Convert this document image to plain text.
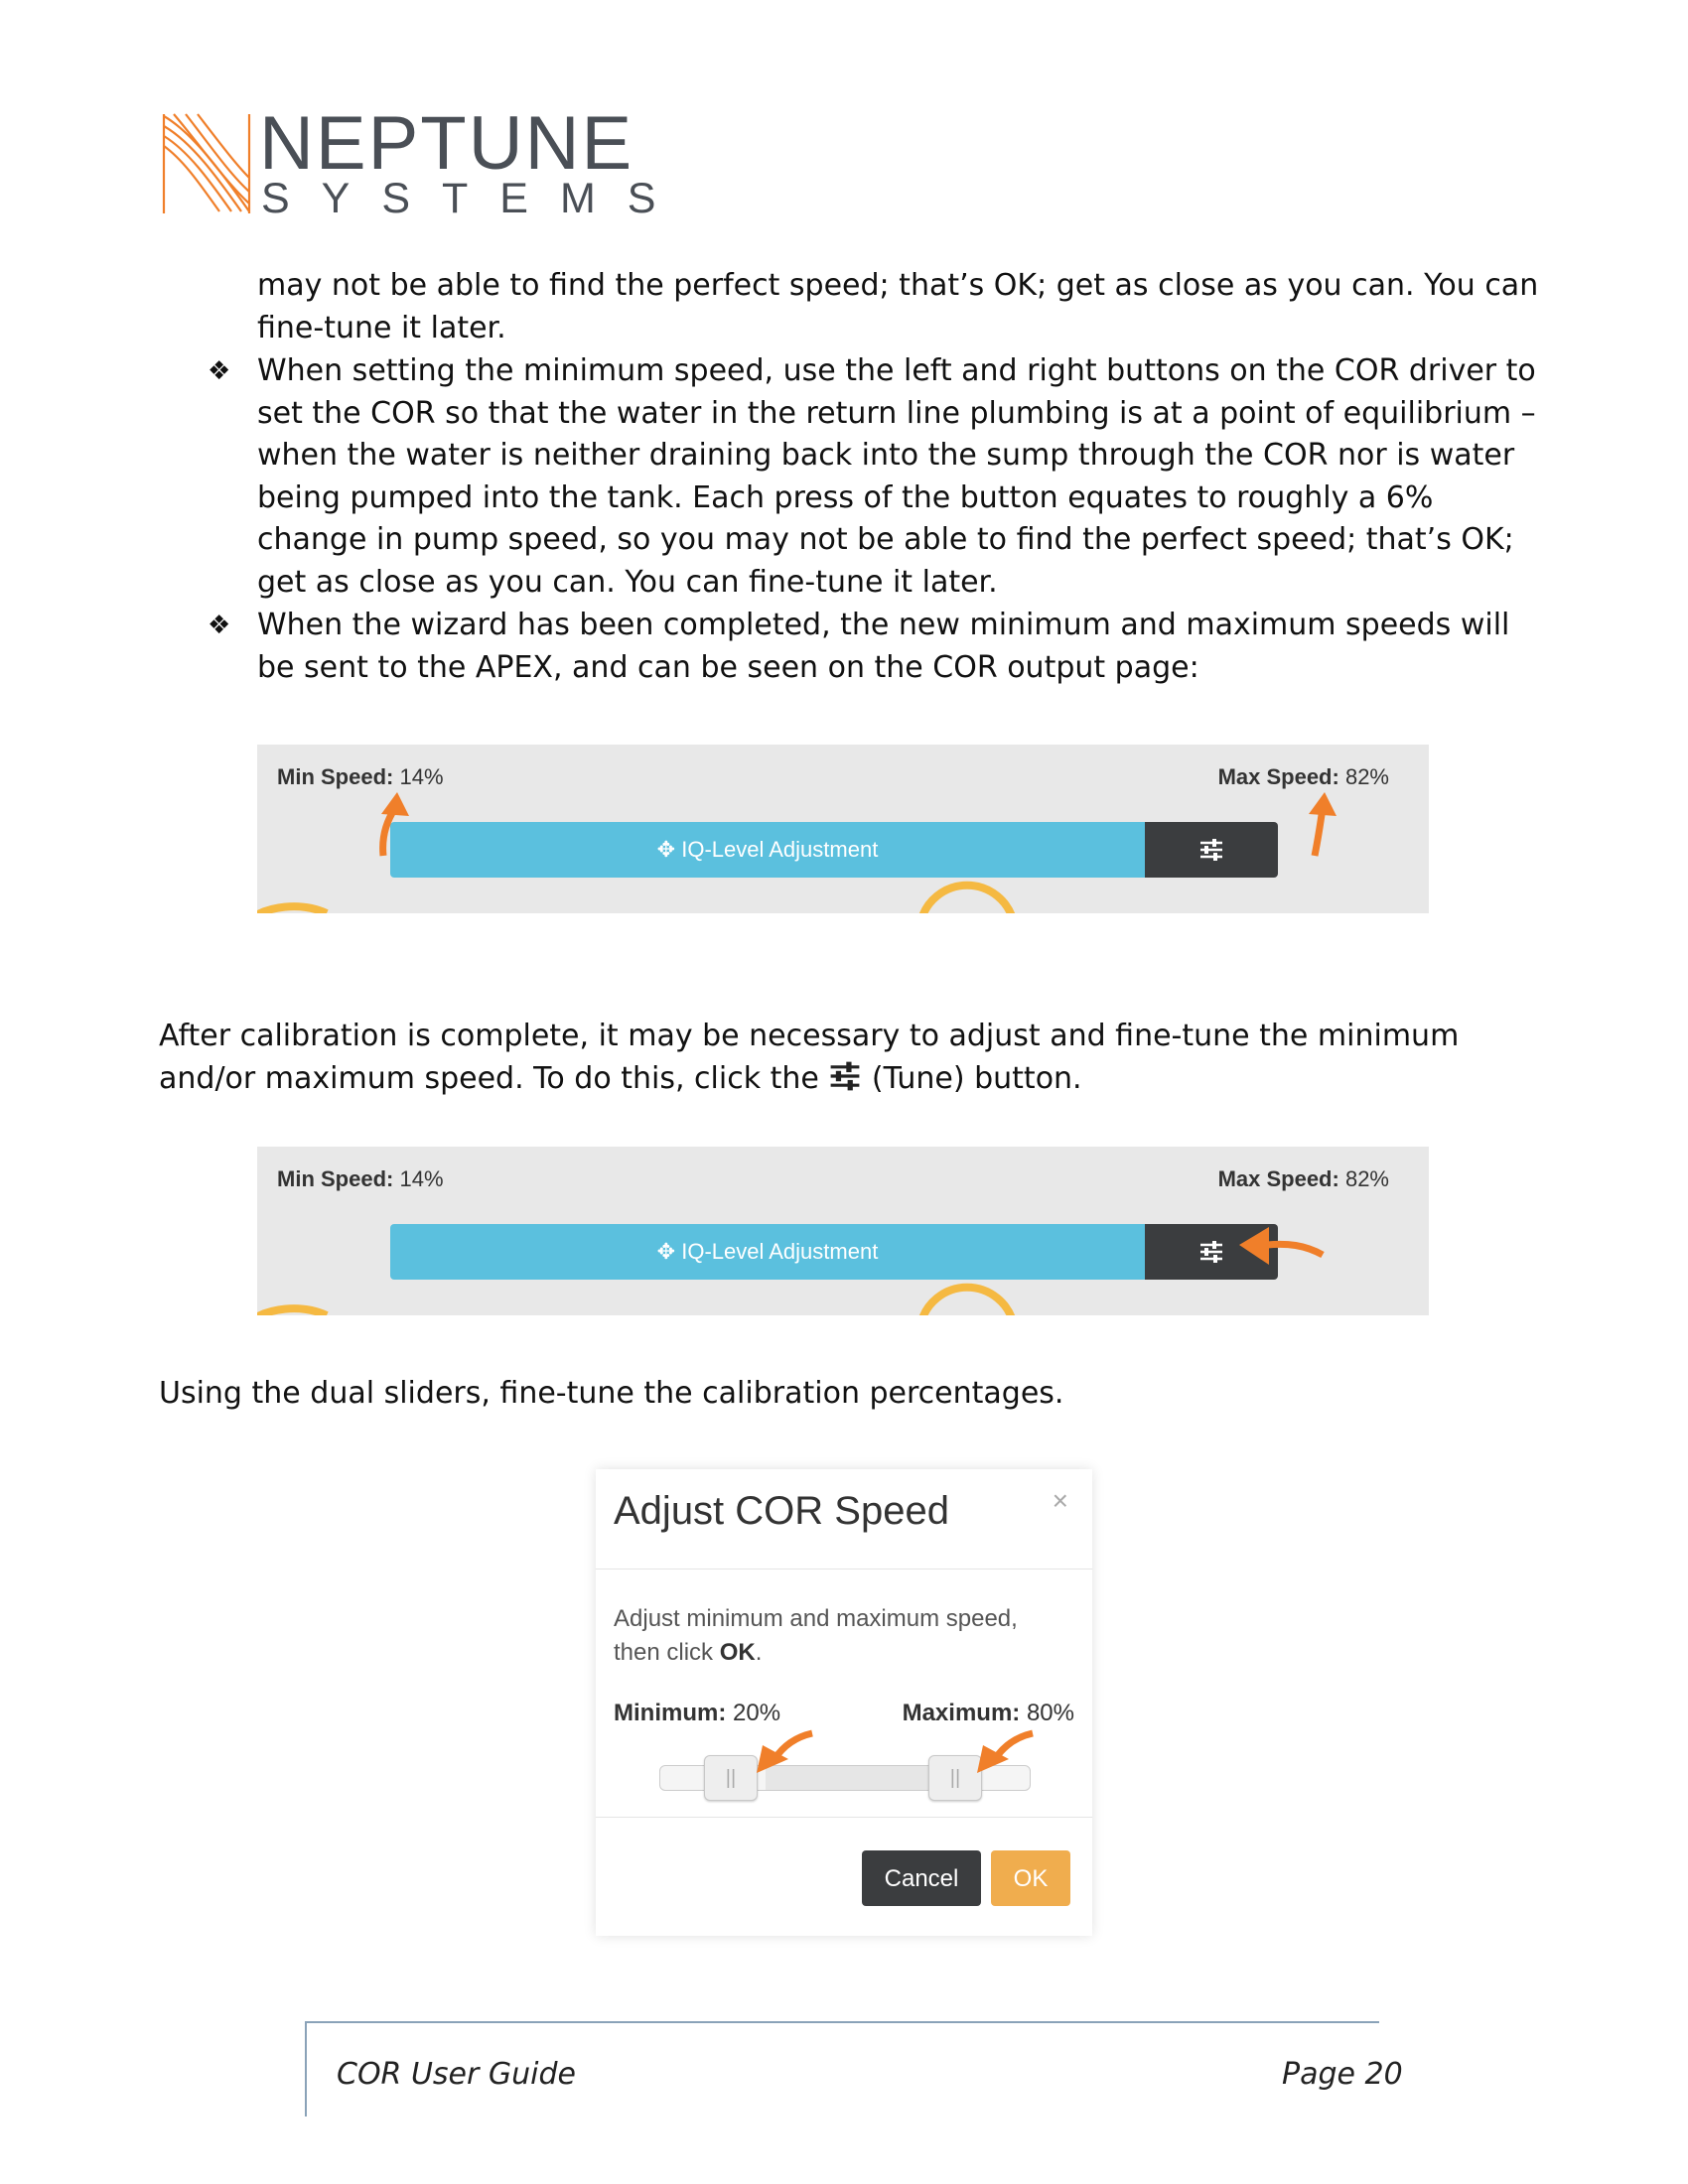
NEPTUNE
SYSTEMS
may not be able to find the perfect speed; that’s OK; get as close as you can. You can fine-tune it later.
❖ When setting the minimum speed, use the left and right buttons on the COR driver to set the COR so that the water in the return line plumbing is at a point of equilibrium – when the water is neither draining back into the sump through the COR nor is water being pumped into the tank. Each press of the button equates to roughly a 6% change in pump speed, so you may not be able to find the perfect speed; that’s OK; get as close as you can. You can fine-tune it later.
❖ When the wizard has been completed, the new minimum and maximum speeds will be sent to the APEX, and can be seen on the COR output page:
Min Speed: 14%	Max Speed: 82%
✥ IQ-Level Adjustment
After calibration is complete, it may be necessary to adjust and fine-tune the minimum and/or maximum speed. To do this, click the  (Tune) button.
Min Speed: 14%	Max Speed: 82%
✥ IQ-Level Adjustment
Using the dual sliders, fine-tune the calibration percentages.
Adjust COR Speed	×
Adjust minimum and maximum speed, then click OK.
Minimum: 20%	Maximum: 80%
||	||
Cancel	OK
COR User Guide	Page 20
